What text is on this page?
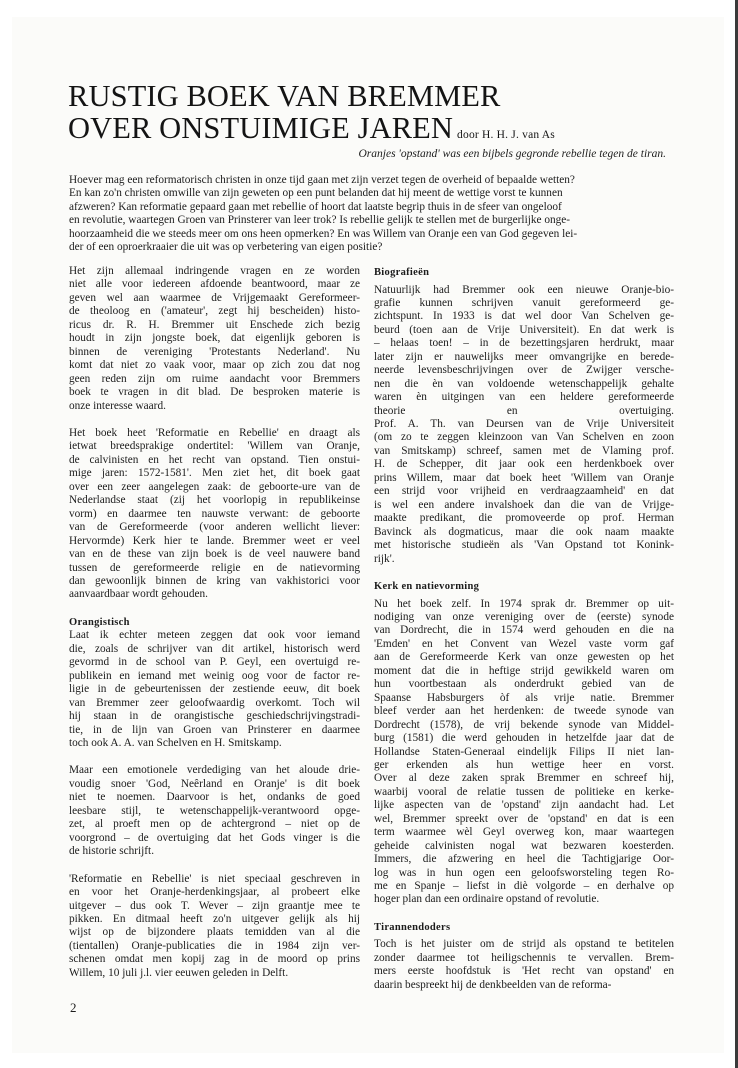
RUSTIG BOEK VAN BREMMER
OVER ONSTUIMIGE JAREN door H. H. J. van As
Oranjes 'opstand' was een bijbels gegronde rebellie tegen de tiran.

Hoever mag een reformatorisch christen in onze tijd gaan met zijn verzet tegen de overheid of bepaalde wetten?

En kan zo'n christen omwille van zijn geweten op een punt belanden dat hij meent de wettige vorst te kunnen

afzweren? Kan reformatie gepaard gaan met rebellie of hoort dat laatste begrip thuis in de sfeer van ongeloof

en revolutie, waartegen Groen van Prinsterer van leer trok? Is rebellie gelijk te stellen met de burgerlijke onge-

hoorzaamheid die we steeds meer om ons heen opmerken? En was Willem van Oranje een van God gegeven lei-

der of een oproerkraaier die uit was op verbetering van eigen positie?

Het zijn allemaal indringende vragen en ze worden
niet alle voor iedereen afdoende beantwoord, maar ze
geven wel aan waarmee de Vrijgemaakt Gereformeer-
de theoloog en ('amateur', zegt hij bescheiden) histo-
ricus dr. R. H. Bremmer uit Enschede zich bezig
houdt in zijn jongste boek, dat eigenlijk geboren is
binnen de vereniging 'Protestants Nederland'. Nu
komt dat niet zo vaak voor, maar op zich zou dat nog
geen reden zijn om ruime aandacht voor Bremmers
boek te vragen in dit blad. De besproken materie is
onze interesse waard.

Het boek heet 'Reformatie en Rebellie' en draagt als
ietwat breedsprakige ondertitel: 'Willem van Oranje,
de calvinisten en het recht van opstand. Tien onstui-
mige jaren: 1572-1581'. Men ziet het, dit boek gaat
over een zeer aangelegen zaak: de geboorte-ure van de
Nederlandse staat (zij het voorlopig in republikeinse
vorm) en daarmee ten nauwste verwant: de geboorte
van de Gereformeerde (voor anderen wellicht liever:
Hervormde) Kerk hier te lande. Bremmer weet er veel
van en de these van zijn boek is de veel nauwere band
tussen de gereformeerde religie en de natievorming
dan gewoonlijk binnen de kring van vakhistorici voor
aanvaardbaar wordt gehouden.

Orangistisch

Laat ik echter meteen zeggen dat ook voor iemand
die, zoals de schrijver van dit artikel, historisch werd
gevormd in de school van P. Geyl, een overtuigd re-
publikein en iemand met weinig oog voor de factor re-
ligie in de gebeurtenissen der zestiende eeuw, dit boek
van Bremmer zeer geloofwaardig overkomt. Toch wil
hij staan in de orangistische geschiedschrijvingstradi-
tie, in de lijn van Groen van Prinsterer en daarmee
toch ook A. A. van Schelven en H. Smitskamp.

Maar een emotionele verdediging van het aloude drie-
voudig snoer 'God, Neêrland en Oranje' is dit boek
niet te noemen. Daarvoor is het, ondanks de goed
leesbare stijl, te wetenschappelijk-verantwoord opge-
zet, al proeft men op de achtergrond – niet op de
voorgrond – de overtuiging dat het Gods vinger is die
de historie schrijft.

'Reformatie en Rebellie' is niet speciaal geschreven in
en voor het Oranje-herdenkingsjaar, al probeert elke
uitgever – dus ook T. Wever – zijn graantje mee te
pikken. En ditmaal heeft zo'n uitgever gelijk als hij
wijst op de bijzondere plaats temidden van al die
(tientallen) Oranje-publicaties die in 1984 zijn ver-
schenen omdat men kopij zag in de moord op prins
Willem, 10 juli j.l. vier eeuwen geleden in Delft.

Biografieën

Natuurlijk had Bremmer ook een nieuwe Oranje-bio-
grafie kunnen schrijven vanuit gereformeerd ge-
zichtspunt. In 1933 is dat wel door Van Schelven ge-
beurd (toen aan de Vrije Universiteit). En dat werk is
– helaas toen! – in de bezettingsjaren herdrukt, maar
later zijn er nauwelijks meer omvangrijke en berede-
neerde levensbeschrijvingen over de Zwijger versche-
nen die èn van voldoende wetenschappelijk gehalte
waren èn uitgingen van een heldere gereformeerde
theorie en overtuiging.
Prof. A. Th. van Deursen van de Vrije Universiteit
(om zo te zeggen kleinzoon van Van Schelven en zoon
van Smitskamp) schreef, samen met de Vlaming prof.
H. de Schepper, dit jaar ook een herdenkboek over
prins Willem, maar dat boek heet 'Willem van Oranje
een strijd voor vrijheid en verdraagzaamheid' en dat
is wel een andere invalshoek dan die van de Vrijge-
maakte predikant, die promoveerde op prof. Herman
Bavinck als dogmaticus, maar die ook naam maakte
met historische studieën als 'Van Opstand tot Konink-
rijk'.

Kerk en natievorming

Nu het boek zelf. In 1974 sprak dr. Bremmer op uit-
nodiging van onze vereniging over de (eerste) synode
van Dordrecht, die in 1574 werd gehouden en die na
'Emden' en het Convent van Wezel vaste vorm gaf
aan de Gereformeerde Kerk van onze gewesten op het
moment dat die in heftige strijd gewikkeld waren om
hun voortbestaan als onderdrukt gebied van de
Spaanse Habsburgers òf als vrije natie. Bremmer
bleef verder aan het herdenken: de tweede synode van
Dordrecht (1578), de vrij bekende synode van Middel-
burg (1581) die werd gehouden in hetzelfde jaar dat de
Hollandse Staten-Generaal eindelijk Filips II niet lan-
ger erkenden als hun wettige heer en vorst.
Over al deze zaken sprak Bremmer en schreef hij,
waarbij vooral de relatie tussen de politieke en kerke-
lijke aspecten van de 'opstand' zijn aandacht had. Let
wel, Bremmer spreekt over de 'opstand' en dat is een
term waarmee wèl Geyl overweg kon, maar waartegen
geheide calvinisten nogal wat bezwaren koesterden.
Immers, die afzwering en heel die Tachtigjarige Oor-
log was in hun ogen een geloofsworsteling tegen Ro-
me en Spanje – liefst in diè volgorde – en derhalve op
hoger plan dan een ordinaire opstand of revolutie.

Tirannendoders

Toch is het juister om de strijd als opstand te betitelen
zonder daarmee tot heiligschennis te vervallen. Brem-
mers eerste hoofdstuk is 'Het recht van opstand' en
daarin bespreekt hij de denkbeelden van de reforma-

2
